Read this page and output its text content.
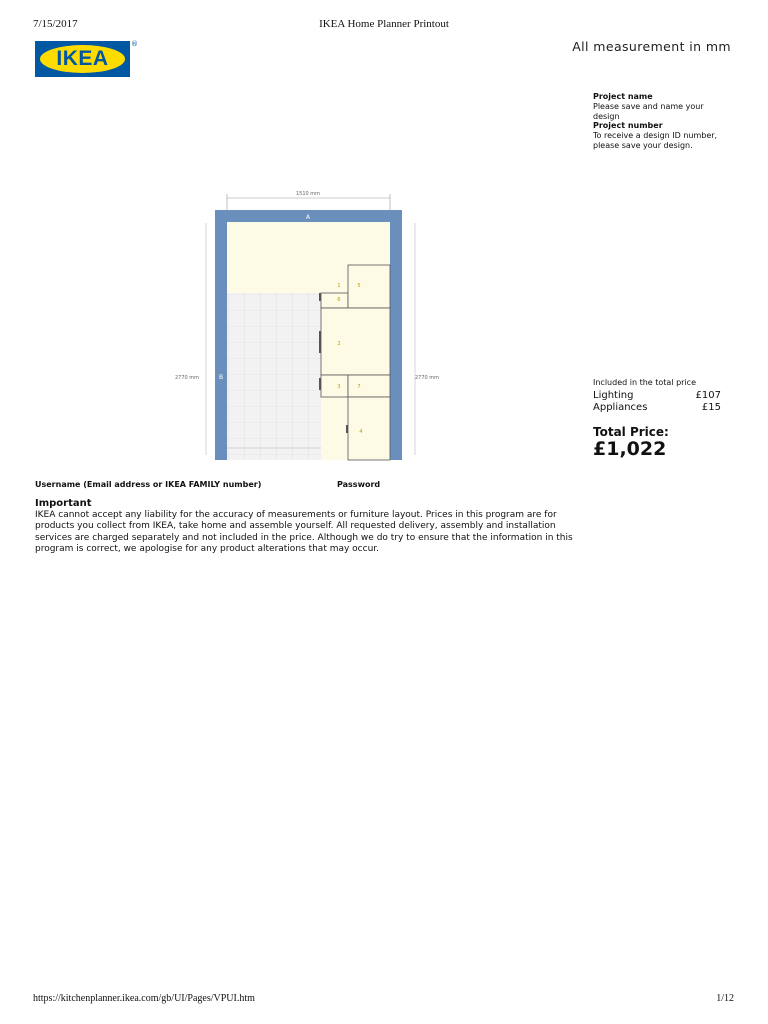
7/15/2017	IKEA Home Planner Printout
IKEA
®	All measurement in mm
Project name
Please save and name your design
Project number
To receive a design ID number, please save your design.
1510 mm
2770 mm	2770 mm
A
B
1
2
3
4
5
6
7	Included in the total price
Lighting	£107
Appliances	£15
Total Price:
£1,022
Username (Email address or IKEA FAMILY number)	Password
Important
IKEA cannot accept any liability for the accuracy of measurements or furniture layout. Prices in this program are for products you collect from IKEA, take home and assemble yourself. All requested delivery, assembly and installation services are charged separately and not included in the price. Although we do try to ensure that the information in this program is correct, we apologise for any product alterations that may occur.
https://kitchenplanner.ikea.com/gb/UI/Pages/VPUI.htm	1/12
